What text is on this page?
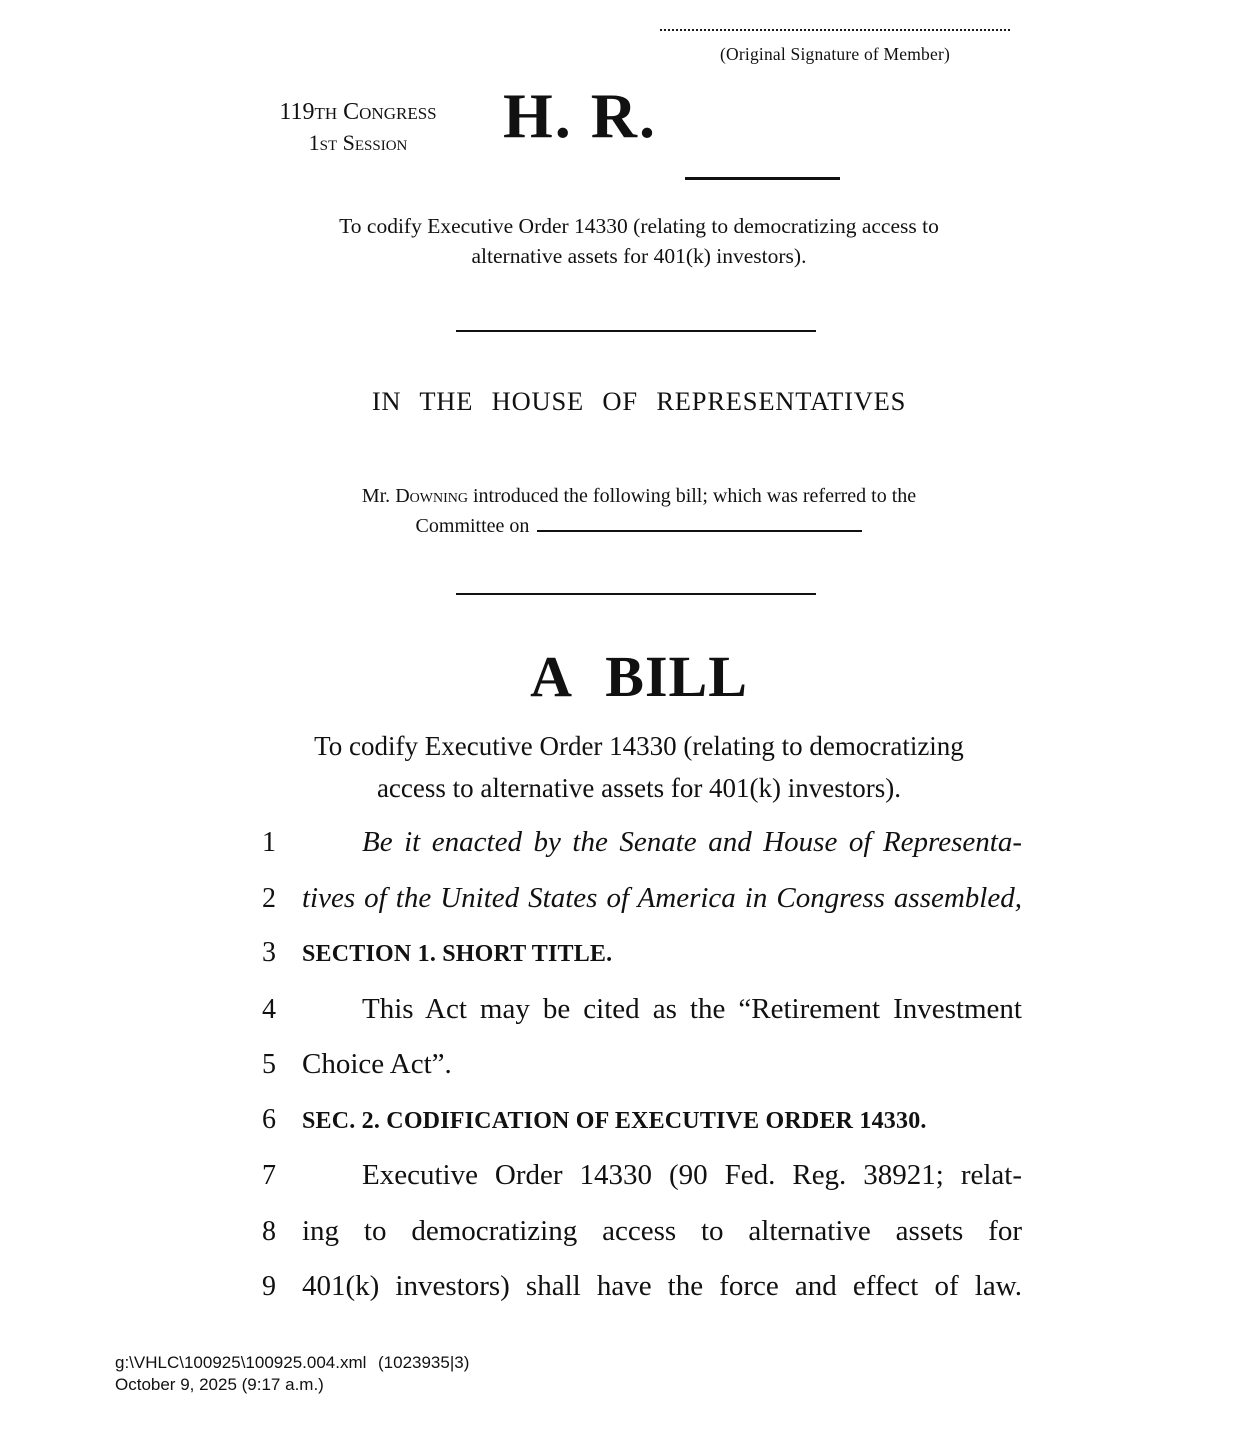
(Original Signature of Member)
119th Congress
1st Session	H. R.
To codify Executive Order 14330 (relating to democratizing access to
alternative assets for 401(k) investors).
IN THE HOUSE OF REPRESENTATIVES
Mr. Downing introduced the following bill; which was referred to the
Committee on
A BILL
To codify Executive Order 14330 (relating to democratizing
access to alternative assets for 401(k) investors).
1	Be it enacted by the Senate and House of Representa-
2 tives of the United States of America in Congress assembled,
3	SECTION 1. SHORT TITLE.
4	This Act may be cited as the “Retirement Investment
5 Choice Act”.
6	SEC. 2. CODIFICATION OF EXECUTIVE ORDER 14330.
7	Executive Order 14330 (90 Fed. Reg. 38921; relat-
8 ing to democratizing access to alternative assets for
9 401(k) investors) shall have the force and effect of law.
g:\VHLC\100925\100925.004.xml (1023935|3)
October 9, 2025 (9:17 a.m.)
